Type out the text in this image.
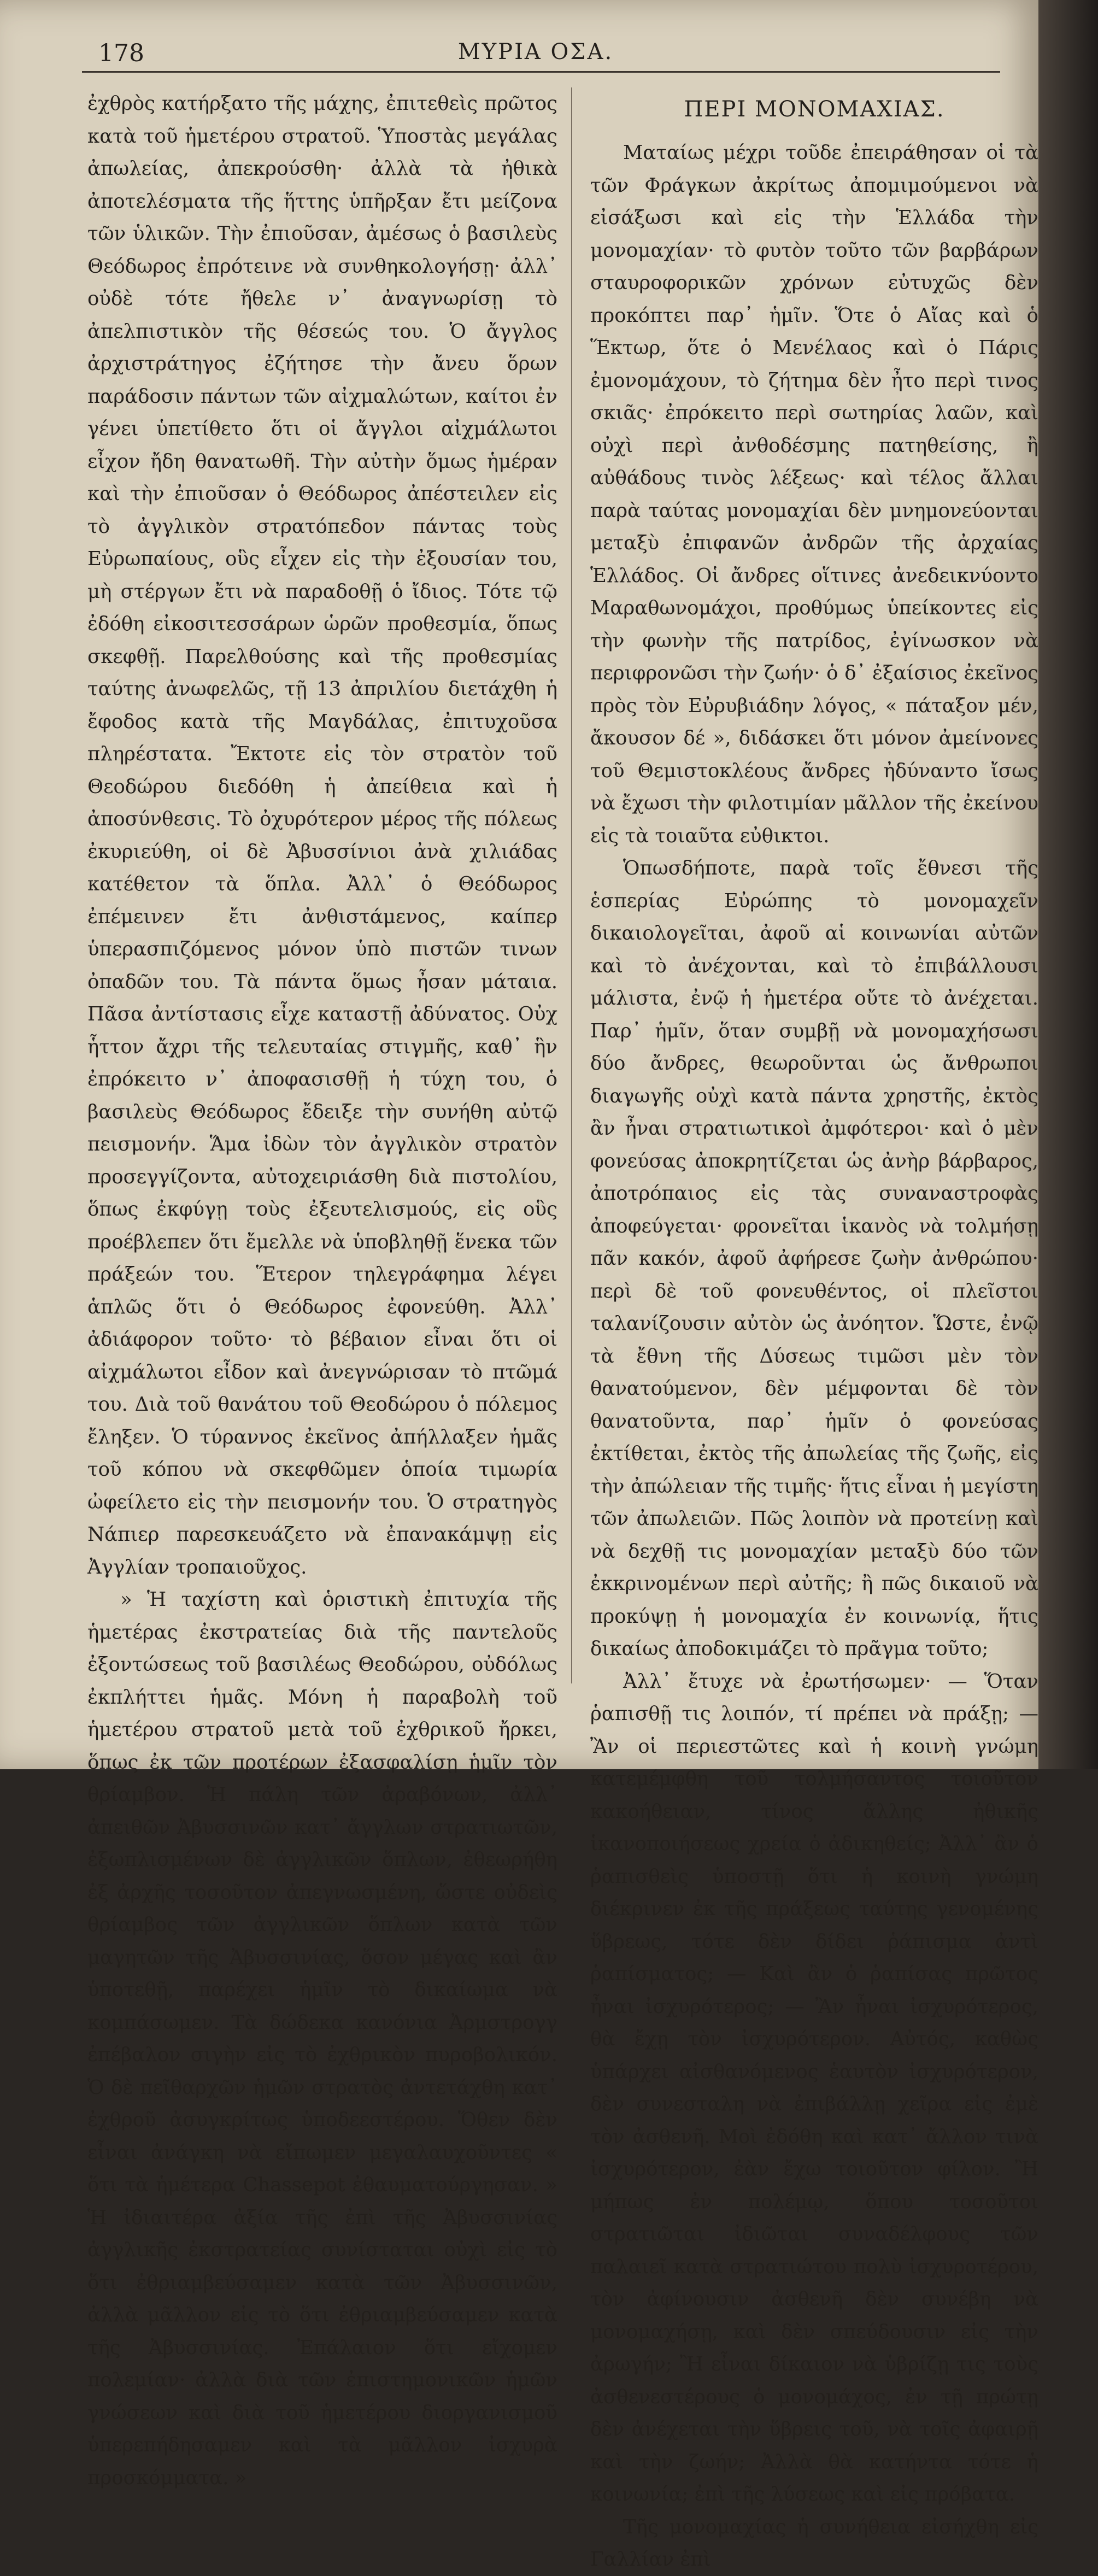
178	ΜΥΡΙΑ ΟΣΑ.

ἐχθρὸς κατήρξατο τῆς μάχης, ἐπιτεθεὶς πρῶτος κατὰ τοῦ ἡμετέρου στρατοῦ. Ὑποστὰς μεγάλας ἀπωλείας, ἀπεκρούσθη· ἀλλὰ τὰ ἠθικὰ ἀποτελέσματα τῆς ἥττης ὑπῆρξαν ἔτι μείζονα τῶν ὑλικῶν. Τὴν ἐπιοῦσαν, ἀμέσως ὁ βασιλεὺς Θεόδωρος ἐπρότεινε νὰ συνθηκολογήσῃ· ἀλλ᾽ οὐδὲ τότε ἤθελε ν᾽ ἀναγνωρίσῃ τὸ ἀπελπιστικὸν τῆς θέσεώς του. Ὁ ἄγγλος ἀρχιστράτηγος ἐζήτησε τὴν ἄνευ ὅρων παράδοσιν πάντων τῶν αἰχμαλώτων, καίτοι ἐν γένει ὑπετίθετο ὅτι οἱ ἄγγλοι αἰχμάλωτοι εἶχον ἤδη θανατωθῆ. Τὴν αὐτὴν ὅμως ἡμέραν καὶ τὴν ἐπιοῦσαν ὁ Θεόδωρος ἀπέστειλεν εἰς τὸ ἀγγλικὸν στρατόπεδον πάντας τοὺς Εὐρωπαίους, οὓς εἶχεν εἰς τὴν ἐξουσίαν του, μὴ στέργων ἔτι νὰ παραδοθῇ ὁ ἴδιος. Τότε τῷ ἐδόθη εἰκοσιτεσσάρων ὡρῶν προθεσμία, ὅπως σκεφθῇ. Παρελθούσης καὶ τῆς προθεσμίας ταύτης ἀνωφελῶς, τῇ 13 ἀπριλίου διετάχθη ἡ ἔφοδος κατὰ τῆς Μαγδάλας, ἐπιτυχοῦσα πληρέστατα. Ἔκτοτε εἰς τὸν στρατὸν τοῦ Θεοδώρου διεδόθη ἡ ἀπείθεια καὶ ἡ ἀποσύνθεσις. Τὸ ὀχυρότερον μέρος τῆς πόλεως ἐκυριεύθη, οἱ δὲ Ἀβυσσίνιοι ἀνὰ χιλιάδας κατέθετον τὰ ὅπλα. Ἀλλ᾽ ὁ Θεόδωρος ἐπέμεινεν ἔτι ἀνθιστάμενος, καίπερ ὑπερασπιζόμενος μόνον ὑπὸ πιστῶν τινων ὀπαδῶν του. Τὰ πάντα ὅμως ἦσαν μάταια. Πᾶσα ἀντίστασις εἶχε καταστῇ ἀδύνατος. Οὐχ ἧττον ἄχρι τῆς τελευταίας στιγμῆς, καθ᾽ ἣν ἐπρόκειτο ν᾽ ἀποφασισθῇ ἡ τύχη του, ὁ βασιλεὺς Θεόδωρος ἔδειξε τὴν συνήθη αὐτῷ πεισμονήν. Ἅμα ἰδὼν τὸν ἀγγλικὸν στρατὸν προσεγγίζοντα, αὐτοχειριάσθη διὰ πιστολίου, ὅπως ἐκφύγῃ τοὺς ἐξευτελισμούς, εἰς οὓς προέβλεπεν ὅτι ἔμελλε νὰ ὑποβληθῇ ἕνεκα τῶν πράξεών του. Ἕτερον τηλεγράφημα λέγει ἁπλῶς ὅτι ὁ Θεόδωρος ἐφονεύθη. Ἀλλ᾽ ἀδιάφορον τοῦτο· τὸ βέβαιον εἶναι ὅτι οἱ αἰχμάλωτοι εἶδον καὶ ἀνεγνώρισαν τὸ πτῶμά του. Διὰ τοῦ θανάτου τοῦ Θεοδώρου ὁ πόλεμος ἔληξεν. Ὁ τύραννος ἐκεῖνος ἀπήλλαξεν ἡμᾶς τοῦ κόπου νὰ σκεφθῶμεν ὁποία τιμωρία ὠφείλετο εἰς τὴν πεισμονήν του. Ὁ στρατηγὸς Νάπιερ παρεσκευάζετο νὰ ἐπανακάμψῃ εἰς Ἀγγλίαν τροπαιοῦχος.

» Ἡ ταχίστη καὶ ὁριστικὴ ἐπιτυχία τῆς ἡμετέρας ἐκστρατείας διὰ τῆς παντελοῦς ἐξοντώσεως τοῦ βασιλέως Θεοδώρου, οὐδόλως ἐκπλήττει ἡμᾶς. Μόνη ἡ παραβολὴ τοῦ ἡμετέρου στρατοῦ μετὰ τοῦ ἐχθρικοῦ ἤρκει, ὅπως ἐκ τῶν προτέρων ἐξασφαλίσῃ ἡμῖν τὸν θρίαμβον. Ἡ πάλη τῶν ἀραβόνων, ἀλλ᾽ ἀπειθῶν Ἀβυσσινῶν κατ᾽ ἄγγλων στρατιωτῶν, ἐξωπλισμένων δὲ ἀγγλικῶν ὅπλων, ἐθεωρήθη ἐξ ἀρχῆς τοσοῦτον ἀπεγνωσμένη, ὥστε οὐδεὶς θρίαμβος τῶν ἀγγλικῶν ὅπλων κατὰ τῶν μαγητῶν τῆς Ἀβυσσινίας, ὅσον μέγας καὶ ἂν ὑποτεθῇ, παρέχει ἡμῖν τὸ δικαίωμα νὰ κομπάσωμεν. Τὰ δώδεκα κανόνια Ἀρμστρογγ ἐπέβαλον σιγὴν εἰς τὸ ἐχθρικὸν πυροβολικόν. Ὁ δὲ πεῖθαρχῶν ἡμῶν στρατὸς ἀντετάχθη κατ᾽ ἐχθροῦ ἀσυγκρίτως ὑποδεεστέρου. Ὅθεν δὲν εἶναι ἀνάγκη νὰ εἴπωμεν μεγαλαυχοῦντες « ὅτι τὰ ἡμέτερα Chassepot ἐθαυματούργησαν. » Ἡ ἰδιαιτέρα ἀξία τῆς ἐπὶ τῆς Ἀβυσσινίας ἀγγλικῆς ἐκστρατείας συνίσταται οὐχὶ εἰς τὸ ὅτι ἐθριαμβεύσαμεν κατὰ τῶν Ἀβυσσινῶν, ἀλλὰ μᾶλλον εἰς τὸ ὅτι ἐθριαμβεύσαμεν κατὰ τῆς Ἀβυσσινίας. Ἐπάλαιον ὅτι εἴχομεν πολεμίαν· ἀλλὰ διὰ τῶν ἐπιστημονικῶν ἡμῶν γνώσεων καὶ διὰ τοῦ ἡμετέρου διοργανισμοῦ ὑπερεπήδησαμεν καὶ τὰ μᾶλλον ἰσχυρὰ προσκόμματα. »

ΠΕΡΙ ΜΟΝΟΜΑΧΙΑΣ.

Ματαίως μέχρι τοῦδε ἐπειράθησαν οἱ τὰ τῶν Φράγκων ἀκρίτως ἀπομιμούμενοι νὰ εἰσάξωσι καὶ εἰς τὴν Ἑλλάδα τὴν μονομαχίαν· τὸ φυτὸν τοῦτο τῶν βαρβάρων σταυροφορικῶν χρόνων εὐτυχῶς δὲν προκόπτει παρ᾽ ἡμῖν. Ὅτε ὁ Αἴας καὶ ὁ Ἕκτωρ, ὅτε ὁ Μενέλαος καὶ ὁ Πάρις ἐμονομάχουν, τὸ ζήτημα δὲν ἦτο περὶ τινος σκιᾶς· ἐπρόκειτο περὶ σωτηρίας λαῶν, καὶ οὐχὶ περὶ ἀνθοδέσμης πατηθείσης, ἢ αὐθάδους τινὸς λέξεως· καὶ τέλος ἄλλαι παρὰ ταύτας μονομαχίαι δὲν μνημονεύονται μεταξὺ ἐπιφανῶν ἀνδρῶν τῆς ἀρχαίας Ἑλλάδος. Οἱ ἄνδρες οἵτινες ἀνεδεικνύοντο Μαραθωνομάχοι, προθύμως ὑπείκοντες εἰς τὴν φωνὴν τῆς πατρίδος, ἐγίνωσκον νὰ περιφρονῶσι τὴν ζωήν· ὁ δ᾽ ἐξαίσιος ἐκεῖνος πρὸς τὸν Εὐρυβιάδην λόγος, « πάταξον μέν, ἄκουσον δέ », διδάσκει ὅτι μόνον ἀμείνονες τοῦ Θεμιστοκλέους ἄνδρες ἠδύναντο ἴσως νὰ ἔχωσι τὴν φιλοτιμίαν μᾶλλον τῆς ἐκείνου εἰς τὰ τοιαῦτα εὐθικτοι.

Ὁπωσδήποτε, παρὰ τοῖς ἔθνεσι τῆς ἑσπερίας Εὐρώπης τὸ μονομαχεῖν δικαιολογεῖται, ἀφοῦ αἱ κοινωνίαι αὐτῶν καὶ τὸ ἀνέχονται, καὶ τὸ ἐπιβάλλουσι μάλιστα, ἐνῷ ἡ ἡμετέρα οὔτε τὸ ἀνέχεται. Παρ᾽ ἡμῖν, ὅταν συμβῇ νὰ μονομαχήσωσι δύο ἄνδρες, θεωροῦνται ὡς ἄνθρωποι διαγωγῆς οὐχὶ κατὰ πάντα χρηστῆς, ἐκτὸς ἂν ἦναι στρατιωτικοὶ ἀμφότεροι· καὶ ὁ μὲν φονεύσας ἀποκρητίζεται ὡς ἀνὴρ βάρβαρος, ἀποτρόπαιος εἰς τὰς συναναστροφὰς ἀποφεύγεται· φρονεῖται ἱκανὸς νὰ τολμήσῃ πᾶν κακόν, ἀφοῦ ἀφήρεσε ζωὴν ἀνθρώπου· περὶ δὲ τοῦ φονευθέντος, οἱ πλεῖστοι ταλανίζουσιν αὐτὸν ὡς ἀνόητον. Ὥστε, ἐνῷ τὰ ἔθνη τῆς Δύσεως τιμῶσι μὲν τὸν θανατούμενον, δὲν μέμφονται δὲ τὸν θανατοῦντα, παρ᾽ ἡμῖν ὁ φονεύσας ἐκτίθεται, ἐκτὸς τῆς ἀπωλείας τῆς ζωῆς, εἰς τὴν ἀπώλειαν τῆς τιμῆς· ἥτις εἶναι ἡ μεγίστη τῶν ἀπωλειῶν. Πῶς λοιπὸν νὰ προτείνῃ καὶ νὰ δεχθῇ τις μονομαχίαν μεταξὺ δύο τῶν ἐκκρινομένων περὶ αὐτῆς; ἢ πῶς δικαιοῦ νὰ προκύψῃ ἡ μονομαχία ἐν κοινωνίᾳ, ἥτις δικαίως ἀποδοκιμάζει τὸ πρᾶγμα τοῦτο;

Ἀλλ᾽ ἔτυχε νὰ ἐρωτήσωμεν· — Ὅταν ῥαπισθῇ τις λοιπόν, τί πρέπει νὰ πράξῃ; — Ἂν οἱ περιεστῶτες καὶ ἡ κοινὴ γνώμη κατεμέμφθη τοῦ τολμήσαντος τοιοῦτον κακοήθειαν, τίνος ἄλλης ἠθικῆς ἱκανοποιήσεως χρεία ὁ ἀδικηθείς; Ἀλλ᾽ ἂν ὁ ῥαπισθεὶς ὑποστῇ ὅτι ἡ κοινὴ γνώμη διέκρινεν ἐκ τῆς πράξεως ταύτης γενομένης ὕβρεως, τότε δὲν δίδει ῥάπισμα ἀντὶ ῥαπίσματος; — Καὶ ἂν ὁ ῥαπίσας πρῶτος ἦναι ἰσχυρότερος; — Ἂν ἦναι ἰσχυρότερος, θὰ ἔχῃ τὸν ἰσχυρότερον. Αὐτός, καθὼς ὑπάρχει αἰσθανόμενος ἑαυτὸν ἰσχυρότερον, δὲν συνεσταλη νὰ ἐπιβάλλῃ χεῖρα εἰς ἐμὲ τὸν ἀσθενῆ. Μοὶ ἐδόθη καὶ κατ᾽ ἄλλον τινὰ ἰσχυρότερον, ἐὰν ἔχω τοιοῦτον φίλον. Ἢ μήπως ἐν πολέμῳ, ὅπου τοσοῦτοι στρατιῶται ἰδιῶται συναδέλφους τῶν παλαιεῖ κατὰ στρατιώτου πολὺ ἰσχυροτέρου, τὸν ἀφίνουσιν ἀσθενῆ δὲν συνέβη νὰ μονομαχήσῃ, καὶ δὲν σπεύδουσιν εἰς τὴν ἀρωγήν; Ἢ εἶναι δίκαιον νὰ ὑβρίζῃ τις τοὺς ἀσθενεστέρους ὁ μονομάχος, ἐν τῇ πρώτῃ δὲν ἀνέχεται τὴν ὕβρεις τοῦ, νὰ τοῖς ἀφαιρῇ καὶ τὴν ζωήν; Ἀλλὰ θὰ κατήντα τότε ἡ κοινωνία; ἐπὶ τῆς λύσεως καὶ εἰς πρόβατα.

Τῆς μονομαχίας ἡ συνήθεια εἰσήχθη εἰς Γαλλίαν ἐπὶ
